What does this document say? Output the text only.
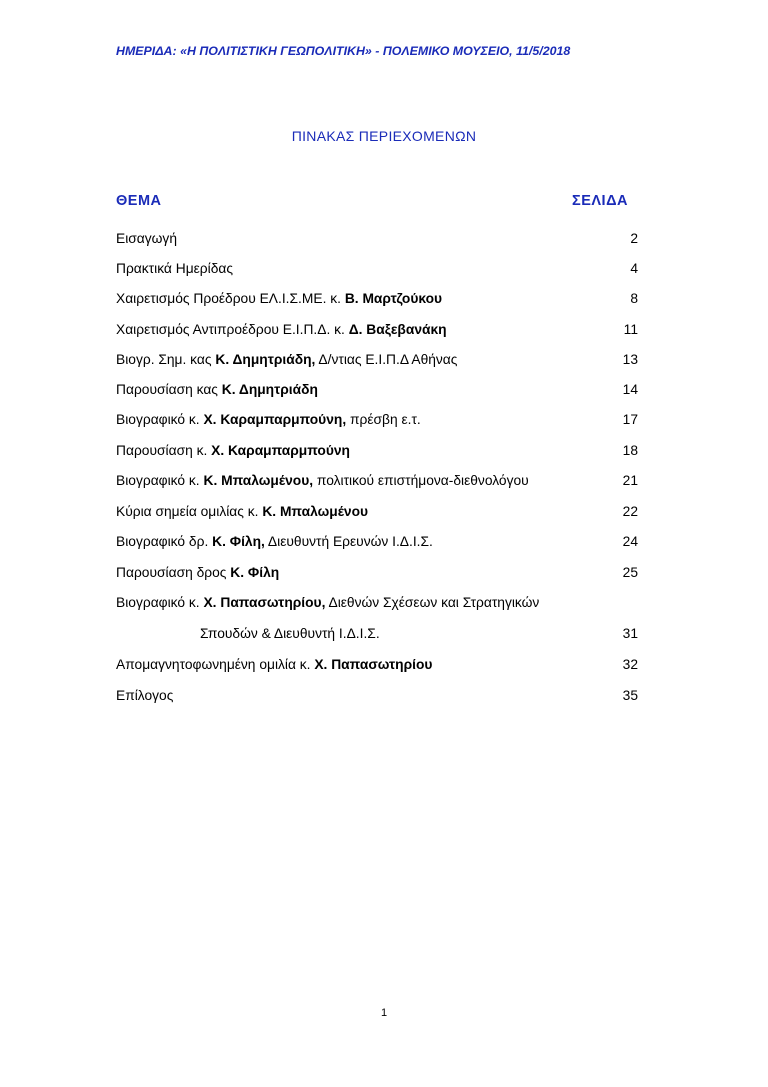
ΗΜΕΡΙΔΑ: «Η ΠΟΛΙΤΙΣΤΙΚΗ ΓΕΩΠΟΛΙΤΙΚΗ» - ΠΟΛΕΜΙΚΟ ΜΟΥΣΕΙΟ, 11/5/2018
ΠΙΝΑΚΑΣ ΠΕΡΙΕΧΟΜΕΝΩΝ
ΘΕΜΑ	ΣΕΛΙΔΑ
Εισαγωγή	2
Πρακτικά Ημερίδας	4
Χαιρετισμός Προέδρου ΕΛ.Ι.Σ.ΜΕ. κ. Β. Μαρτζούκου	8
Χαιρετισμός Αντιπροέδρου Ε.Ι.Π.Δ. κ. Δ. Βαξεβανάκη	11
Βιογρ. Σημ. κας Κ. Δημητριάδη, Δ/ντιας Ε.Ι.Π.Δ Αθήνας	13
Παρουσίαση κας Κ. Δημητριάδη	14
Βιογραφικό κ. Χ. Καραμπαρμπούνη, πρέσβη ε.τ.	17
Παρουσίαση κ. Χ. Καραμπαρμπούνη	18
Βιογραφικό κ. Κ. Μπαλωμένου, πολιτικού επιστήμονα-διεθνολόγου	21
Κύρια σημεία ομιλίας κ. Κ. Μπαλωμένου	22
Βιογραφικό δρ. Κ. Φίλη, Διευθυντή Ερευνών Ι.Δ.Ι.Σ.	24
Παρουσίαση δρος Κ. Φίλη	25
Βιογραφικό κ. Χ. Παπασωτηρίου, Διεθνών Σχέσεων και Στρατηγικών
Σπουδών & Διευθυντή Ι.Δ.Ι.Σ.	31
Απομαγνητοφωνημένη ομιλία κ. Χ. Παπασωτηρίου	32
Επίλογος	35
1
